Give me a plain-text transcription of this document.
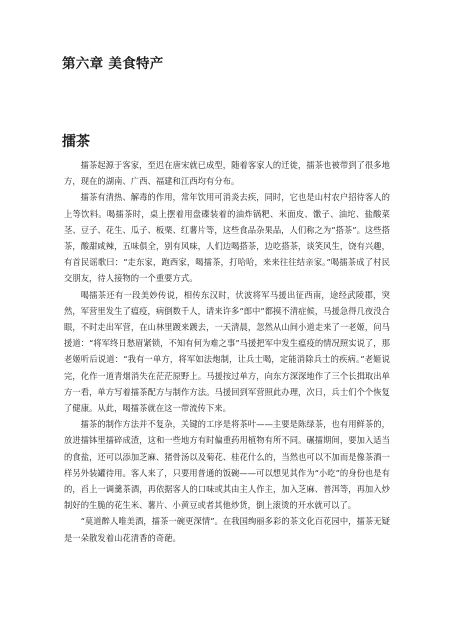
第六章 美食特产
擂茶

擂茶起源于客家，至迟在唐宋就已成型，随着客家人的迁徙，擂茶也被带到了很多地方，现在的湖南、广西、福建和江西均有分布。

擂茶有清热、解毒的作用，常年饮用可消炎去疾，同时，它也是山村农户招待客人的上等饮料。喝擂茶时，桌上摆着用盘碟装着的油炸锅粑、米面皮、馓子、油坨、盐酸菜茎、豆子、花生、瓜子、板栗、红薯片等，这些食品杂果品，人们称之为“搭茶”。这些搭茶，酸甜咸辣，五味俱全，别有风味，人们边喝搭茶，边吃搭茶，谈笑风生，饶有兴趣，有首民谣歌曰：“走东家，跑西家，喝擂茶，打哈哈，来来往往结亲家。”喝擂茶成了村民交朋友，待人接物的一个重要方式。

喝擂茶还有一段美妙传说，相传东汉时，伏波将军马援出征西南，途经武陵郡，突然，军营里发生了瘟疫，病倒数千人，请来许多“郎中”都摸不清症候，马援急得几夜没合眼，不时走出军营，在山林里踱来踱去，一天清晨，忽然从山间小道走来了一老姬，问马援道：“将军终日愁眉紧锁，不知有何为难之事”马援把军中发生瘟疫的情况照实说了，那老姬听后说道：“我有一单方，将军如法炮制，让兵士喝，定能消除兵士的疾病。”老姬说完，化作一道青烟消失在茫茫原野上。马援按过单方，向东方深深地作了三个长揖取出单方一看，单方写着擂茶配方与制作方法。马援回到军营照此办理，次日，兵士们个个恢复了健康。从此，喝擂茶就在这一带流传下来。

擂茶的制作方法并不复杂，关键的工序是将茶叶——主要是陈绿茶，也有用鲜茶的，放进擂钵里擂碎成渣，这和一些地方有时偏重药用植物有所不同。碾擂期间，要加入适当的食盐，还可以添加芝麻、猪骨汤以及菊花、桂花什么的，当然也可以不加而是像茶酒一样另外装罐待用。客人来了，只要用普通的饭碗——可以想见其作为“小吃”的身份也是有的，舀上一调羹茶酒，再依据客人的口味或其由主人作主，加入芝麻、普洱等，再加入炒制好的生脆的花生米、薯片、小黄豆或者其他炒货，倒上滚烫的开水就可以了。

“莫道醉人唯美酒，擂茶一碗更深情”。在我国绚丽多彩的茶文化百花园中，擂茶无疑是一朵散发着山花清香的奇葩。
